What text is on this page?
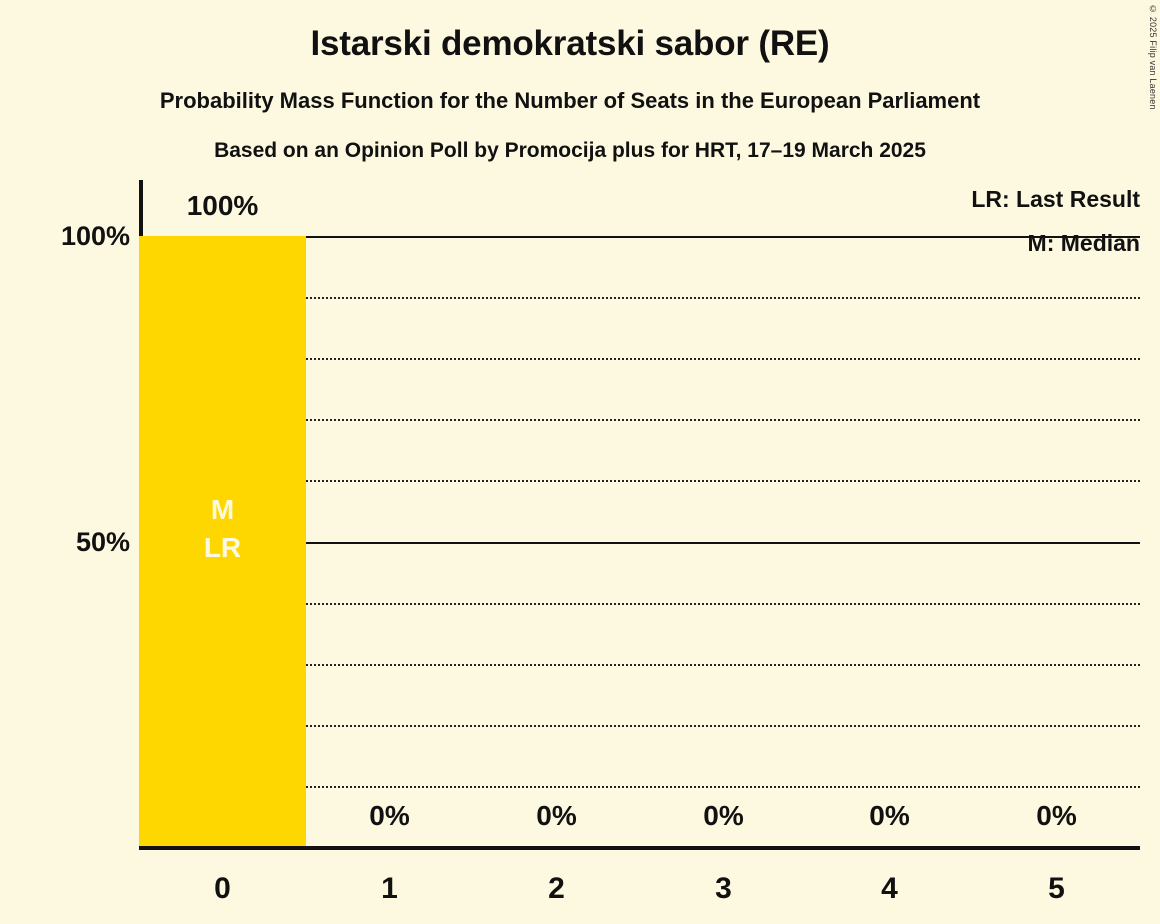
© 2025 Filip van Laenen
Istarski demokratski sabor (RE)
Probability Mass Function for the Number of Seats in the European Parliament
Based on an Opinion Poll by Promocija plus for HRT, 17–19 March 2025
LR: Last Result
M: Median
100%
50%
M
LR
100%
0%	0%	0%	0%	0%
0	1	2	3	4	5
